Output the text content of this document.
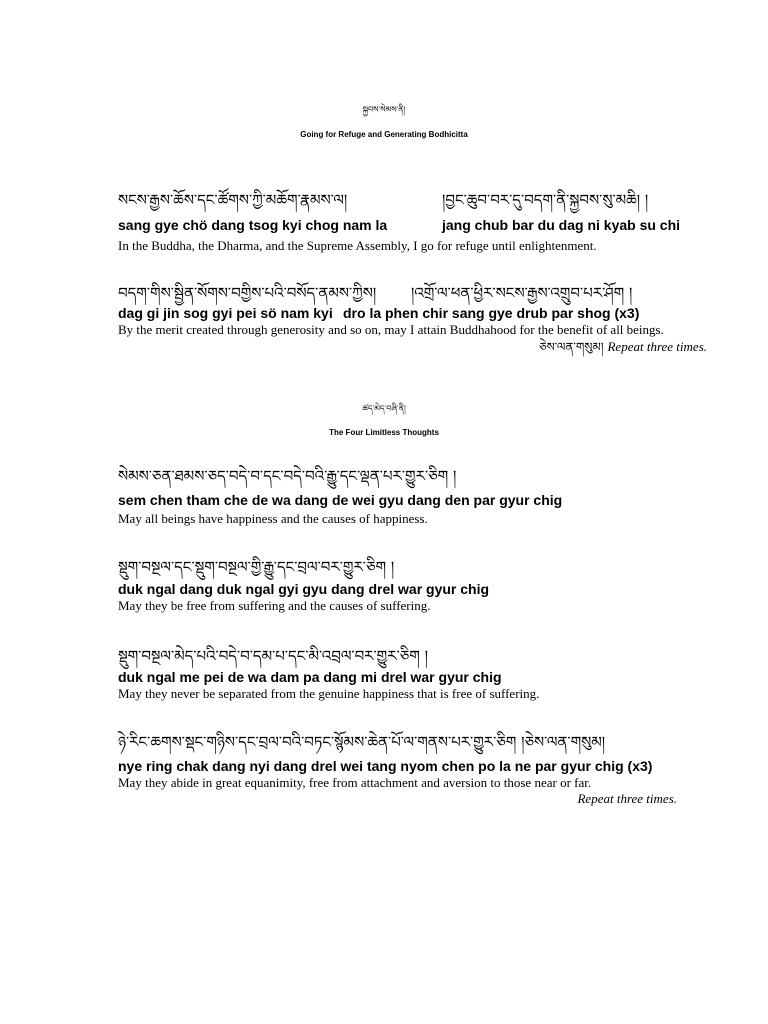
སྐྱབས་སེམས་ནི།
Going for Refuge and Generating Bodhicitta
སངས་རྒྱས་ཆོས་དང་ཚོགས་ཀྱི་མཆོག་རྣམས་ལ།	།བྱང་ཆུབ་བར་དུ་བདག་ནི་སྐྱབས་སུ་མཆི། །
sang gye chö dang tsog kyi chog nam la	jang chub bar du dag ni kyab su chi
In the Buddha, the Dharma, and the Supreme Assembly, I go for refuge until enlightenment.
བདག་གིས་སྦྱིན་སོགས་བགྱིས་པའི་བསོད་ནམས་ཀྱིས། །འགྲོ་ལ་ཕན་ཕྱིར་སངས་རྒྱས་འགྲུབ་པར་ཤོག །
dag gi jin sog gyi pei sö nam kyi dro la phen chir sang gye drub par shog (x3)
By the merit created through generosity and so on, may I attain Buddhahood for the benefit of all beings.
ཅེས་ལན་གསུམ། Repeat three times.
ཚད་མེད་བཞི་ནི།
The Four Limitless Thoughts
སེམས་ཅན་ཐམས་ཅད་བདེ་བ་དང་བདེ་བའི་རྒྱུ་དང་ལྡན་པར་གྱུར་ཅིག །
sem chen tham che de wa dang de wei gyu dang den par gyur chig
May all beings have happiness and the causes of happiness.
སྡུག་བསྔལ་དང་སྡུག་བསྔལ་གྱི་རྒྱུ་དང་བྲལ་བར་གྱུར་ཅིག །
duk ngal dang duk ngal gyi gyu dang drel war gyur chig
May they be free from suffering and the causes of suffering.
སྡུག་བསྔལ་མེད་པའི་བདེ་བ་དམ་པ་དང་མི་འབྲལ་བར་གྱུར་ཅིག །
duk ngal me pei de wa dam pa dang mi drel war gyur chig
May they never be separated from the genuine happiness that is free of suffering.
ཉེ་རིང་ཆགས་སྡང་གཉིས་དང་བྲལ་བའི་བཏང་སྙོམས་ཆེན་པོ་ལ་གནས་པར་གྱུར་ཅིག །ཅེས་ལན་གསུམ།
nye ring chak dang nyi dang drel wei tang nyom chen po la ne par gyur chig (x3)
May they abide in great equanimity, free from attachment and aversion to those near or far.
Repeat three times.
